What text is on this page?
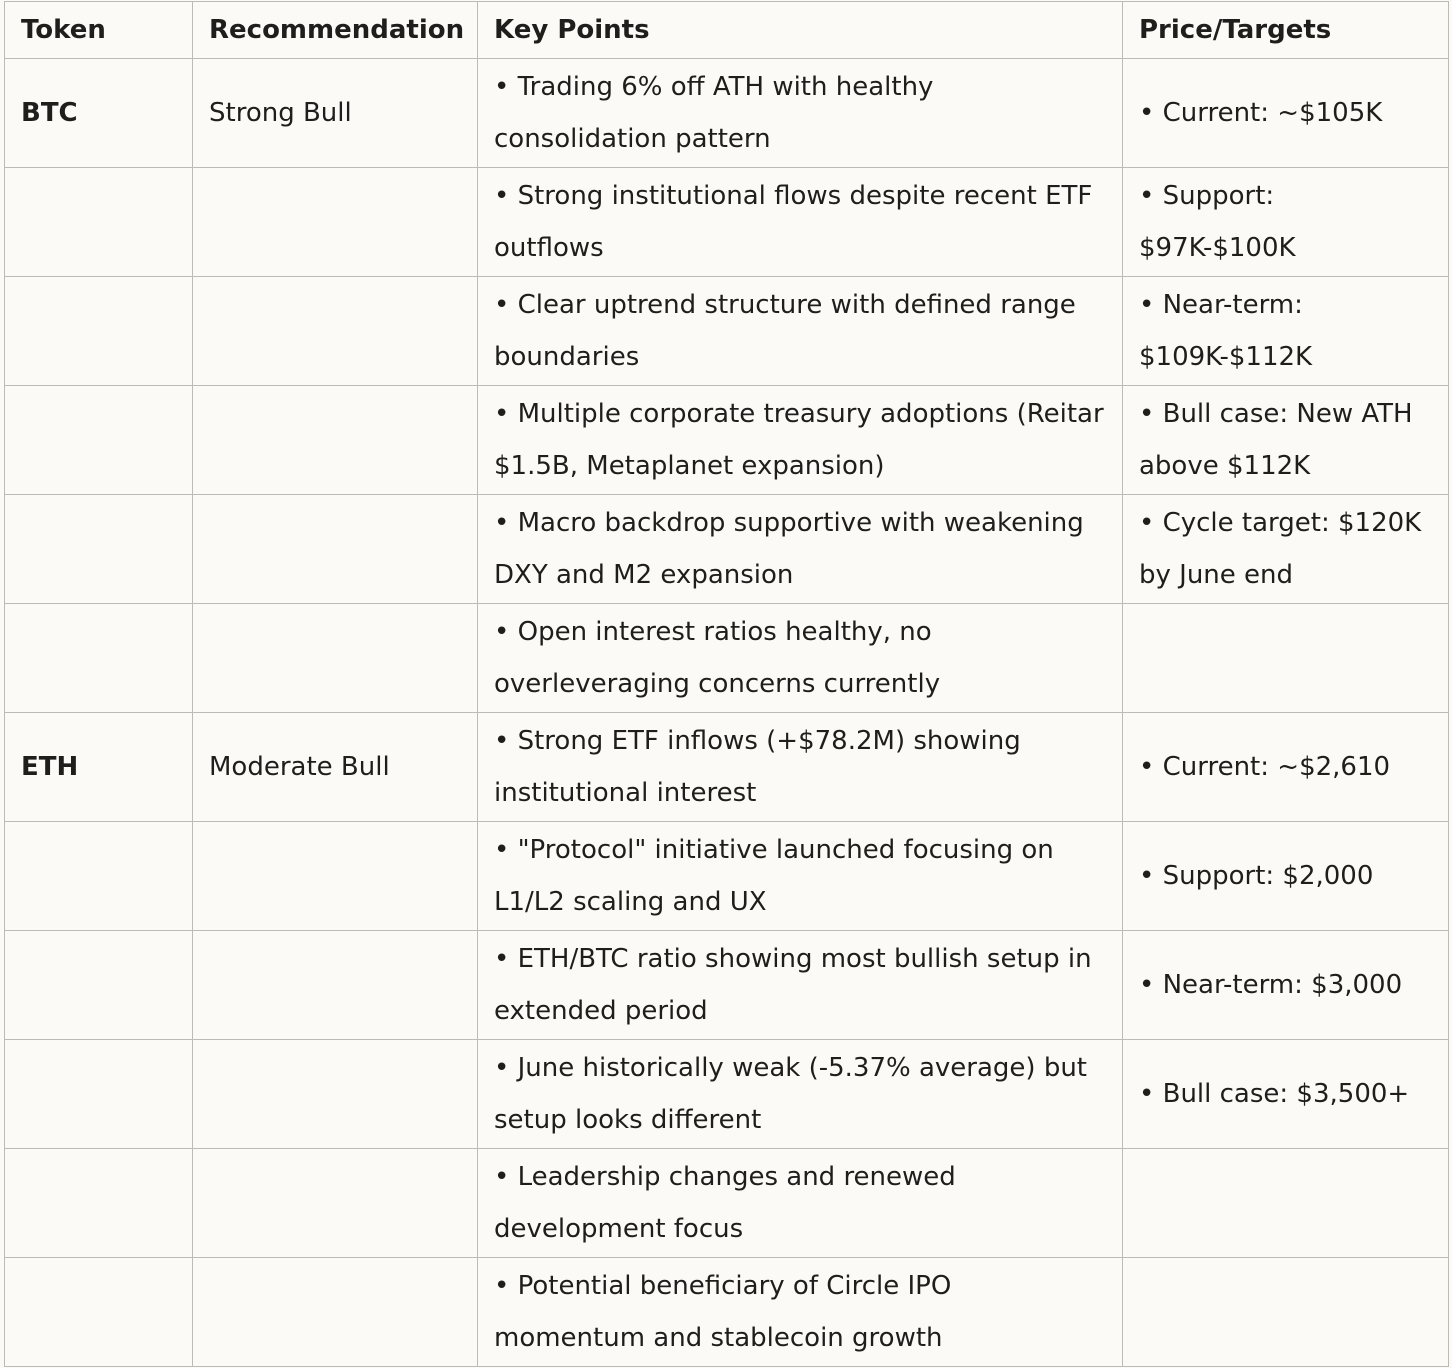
Token	Recommendation	Key Points	Price/Targets
BTC	Strong Bull	• Trading 6% off ATH with healthy consolidation pattern	• Current: ~$105K
		• Strong institutional flows despite recent ETF outflows	• Support: $97K-$100K
		• Clear uptrend structure with defined range boundaries	• Near-term: $109K-$112K
		• Multiple corporate treasury adoptions (Reitar $1.5B, Metaplanet expansion)	• Bull case: New ATH above $112K
		• Macro backdrop supportive with weakening DXY and M2 expansion	• Cycle target: $120K by June end
		• Open interest ratios healthy, no overleveraging concerns currently	
ETH	Moderate Bull	• Strong ETF inflows (+$78.2M) showing institutional interest	• Current: ~$2,610
		• "Protocol" initiative launched focusing on L1/L2 scaling and UX	• Support: $2,000
		• ETH/BTC ratio showing most bullish setup in extended period	• Near-term: $3,000
		• June historically weak (-5.37% average) but setup looks different	• Bull case: $3,500+
		• Leadership changes and renewed development focus	
		• Potential beneficiary of Circle IPO momentum and stablecoin growth	
